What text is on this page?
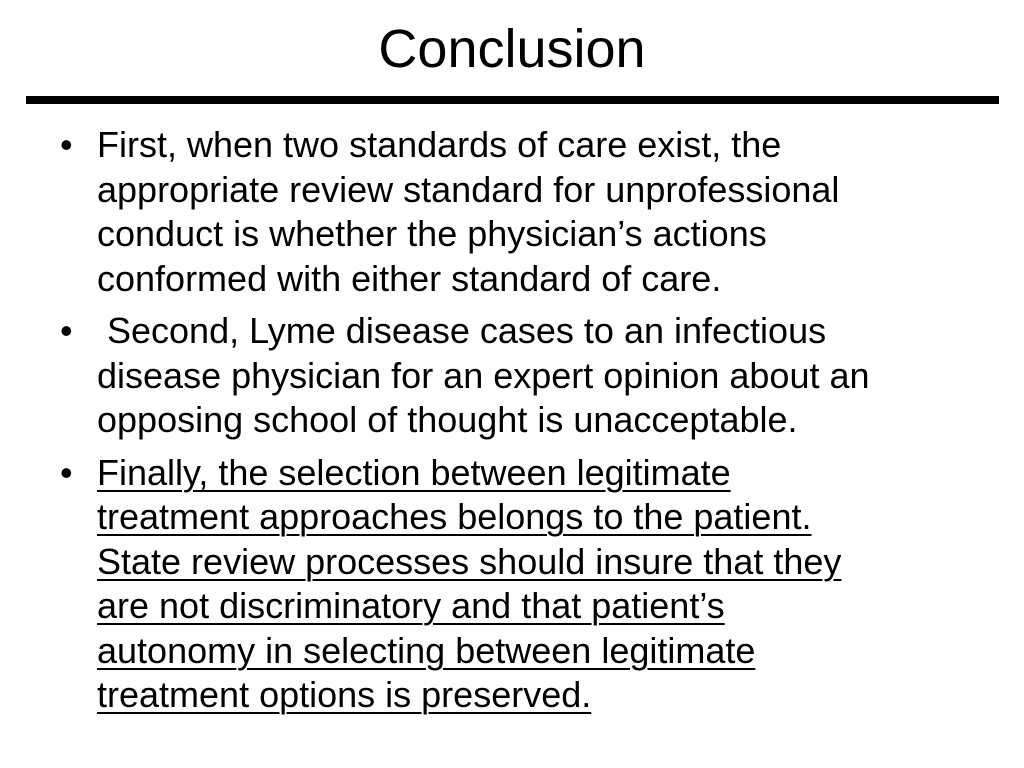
Conclusion
• First, when two standards of care exist, the
appropriate review standard for unprofessional
conduct is whether the physician’s actions
conformed with either standard of care.
• Second, Lyme disease cases to an infectious
disease physician for an expert opinion about an
opposing school of thought is unacceptable.
• Finally, the selection between legitimate
treatment approaches belongs to the patient.
State review processes should insure that they
are not discriminatory and that patient’s
autonomy in selecting between legitimate
treatment options is preserved.
